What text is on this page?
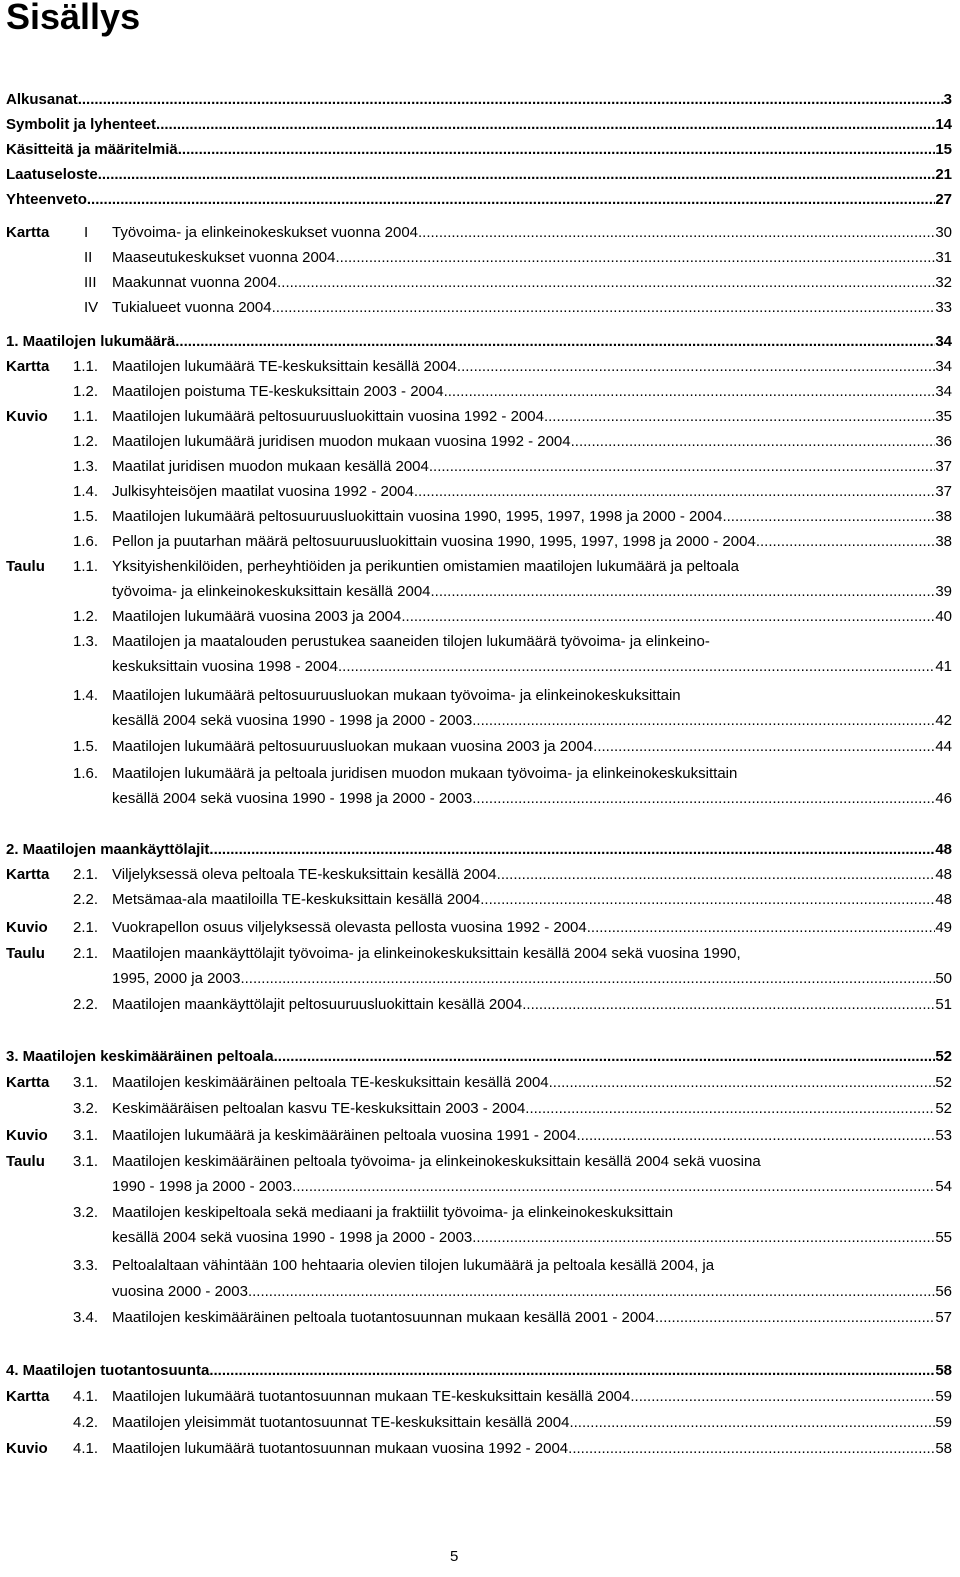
Sisällys
Alkusanat .....	3
Symbolit ja lyhenteet .....	14
Käsitteitä ja määritelmiä .....	15
Laatuseloste .....	21
Yhteenveto .....	27
Kartta I Työvoima- ja elinkeinokeskukset vuonna 2004 .....	30
II Maaseutukeskukset vuonna 2004 .....	31
III Maakunnat vuonna 2004 .....	32
IV Tukialueet vuonna 2004 .....	33
1. Maatilojen lukumäärä .....	34
Kartta 1.1. Maatilojen lukumäärä TE-keskuksittain kesällä 2004 .....	34
1.2. Maatilojen poistuma TE-keskuksittain 2003 - 2004 .....	34
Kuvio 1.1. Maatilojen lukumäärä peltosuuruusluokittain vuosina 1992 - 2004 .....	35
1.2. Maatilojen lukumäärä juridisen muodon mukaan vuosina 1992 - 2004 .....	36
1.3. Maatilat juridisen muodon mukaan kesällä 2004 .....	37
1.4. Julkisyhteisöjen maatilat vuosina 1992 - 2004 .....	37
1.5. Maatilojen lukumäärä peltosuuruusluokittain vuosina 1990, 1995, 1997, 1998 ja 2000 - 2004 .....	38
1.6. Pellon ja puutarhan määrä peltosuuruusluokittain vuosina 1990, 1995, 1997, 1998 ja 2000 - 2004 .....	38
Taulu 1.1. Yksityishenkilöiden, perheyhtiöiden ja perikuntien omistamien maatilojen lukumäärä ja peltoala
työvoima- ja elinkeinokeskuksittain kesällä 2004 .....	39
1.2. Maatilojen lukumäärä vuosina 2003 ja 2004 .....	40
1.3. Maatilojen ja maatalouden perustukea saaneiden tilojen lukumäärä työvoima- ja elinkeino-
keskuksittain vuosina 1998 - 2004 .....	41
1.4. Maatilojen lukumäärä peltosuuruusluokan mukaan työvoima- ja elinkeinokeskuksittain
kesällä 2004 sekä vuosina 1990 - 1998 ja 2000 - 2003 .....	42
1.5. Maatilojen lukumäärä peltosuuruusluokan mukaan vuosina 2003 ja 2004 .....	44
1.6. Maatilojen lukumäärä ja peltoala juridisen muodon mukaan työvoima- ja elinkeinokeskuksittain
kesällä 2004 sekä vuosina 1990 - 1998 ja 2000 - 2003 .....	46
2. Maatilojen maankäyttölajit .....	48
Kartta 2.1. Viljelyksessä oleva peltoala TE-keskuksittain kesällä 2004 .....	48
2.2. Metsämaa-ala maatiloilla TE-keskuksittain kesällä 2004 .....	48
Kuvio 2.1. Vuokrapellon osuus viljelyksessä olevasta pellosta vuosina 1992 - 2004 .....	49
Taulu 2.1. Maatilojen maankäyttölajit työvoima- ja elinkeinokeskuksittain kesällä 2004 sekä vuosina 1990,
1995, 2000 ja 2003 .....	50
2.2. Maatilojen maankäyttölajit peltosuuruusluokittain kesällä 2004 .....	51
3. Maatilojen keskimääräinen peltoala .....	52
Kartta 3.1. Maatilojen keskimääräinen peltoala TE-keskuksittain kesällä 2004 .....	52
3.2. Keskimääräisen peltoalan kasvu TE-keskuksittain 2003 - 2004 .....	52
Kuvio 3.1. Maatilojen lukumäärä ja keskimääräinen peltoala vuosina 1991 - 2004 .....	53
Taulu 3.1. Maatilojen keskimääräinen peltoala työvoima- ja elinkeinokeskuksittain kesällä 2004 sekä vuosina
1990 - 1998 ja 2000 - 2003 .....	54
3.2. Maatilojen keskipeltoala sekä mediaani ja fraktiilit työvoima- ja elinkeinokeskuksittain
kesällä 2004 sekä vuosina 1990 - 1998 ja 2000 - 2003 .....	55
3.3. Peltoalaltaan vähintään 100 hehtaaria olevien tilojen lukumäärä ja peltoala kesällä 2004, ja
vuosina 2000 - 2003 .....	56
3.4. Maatilojen keskimääräinen peltoala tuotantosuunnan mukaan kesällä 2001 - 2004 .....	57
4. Maatilojen tuotantosuunta .....	58
Kartta 4.1. Maatilojen lukumäärä tuotantosuunnan mukaan TE-keskuksittain kesällä 2004 .....	59
4.2. Maatilojen yleisimmät tuotantosuunnat TE-keskuksittain kesällä 2004 .....	59
Kuvio 4.1. Maatilojen lukumäärä tuotantosuunnan mukaan vuosina 1992 - 2004 .....	58
5
